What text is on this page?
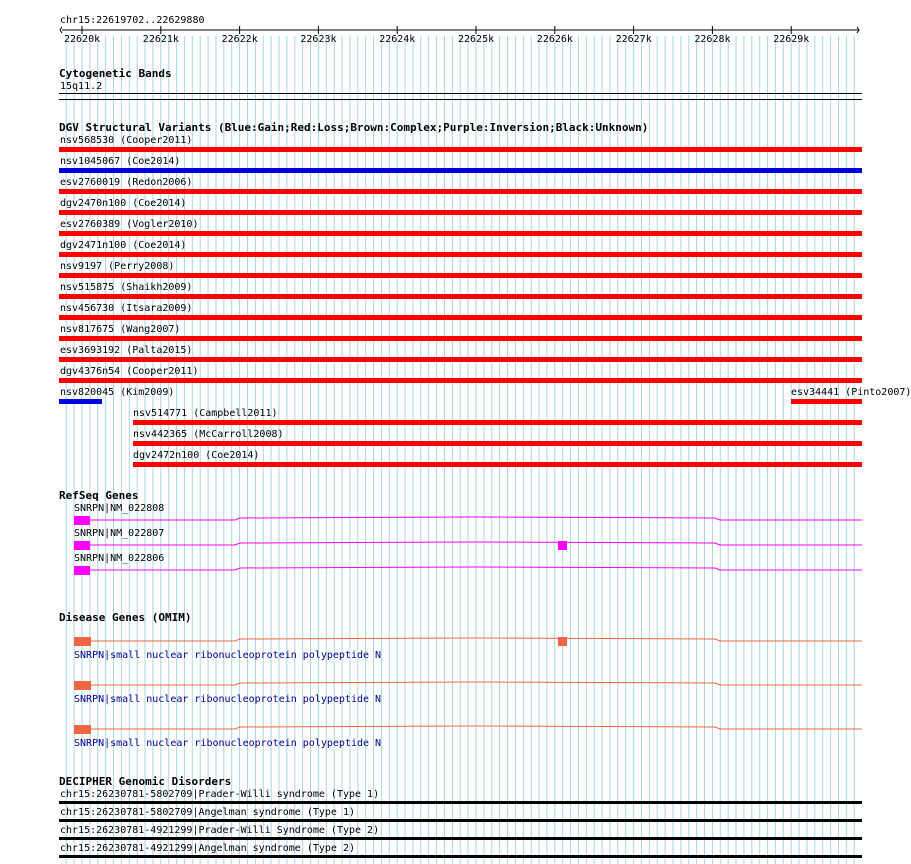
chr15:22619702..22629880
22620k	22621k	22622k	22623k	22624k	22625k	22626k	22627k	22628k	22629k
Cytogenetic Bands
15q11.2
DGV Structural Variants (Blue:Gain;Red:Loss;Brown:Complex;Purple:Inversion;Black:Unknown)
nsv568530 (Cooper2011)
nsv1045067 (Coe2014)
esv2760019 (Redon2006)
dgv2470n100 (Coe2014)
esv2760389 (Vogler2010)
dgv2471n100 (Coe2014)
nsv9197 (Perry2008)
nsv515875 (Shaikh2009)
nsv456730 (Itsara2009)
nsv817675 (Wang2007)
esv3693192 (Palta2015)
dgv4376n54 (Cooper2011)
nsv820045 (Kim2009)	esv34441 (Pinto2007)
nsv514771 (Campbell2011)
nsv442365 (McCarroll2008)
dgv2472n100 (Coe2014)
RefSeq Genes
SNRPN|NM_022808
SNRPN|NM_022807
SNRPN|NM_022806
Disease Genes (OMIM)
SNRPN|small nuclear ribonucleoprotein polypeptide N
SNRPN|small nuclear ribonucleoprotein polypeptide N
SNRPN|small nuclear ribonucleoprotein polypeptide N
DECIPHER Genomic Disorders
chr15:26230781-5802709|Prader-Willi syndrome (Type 1)
chr15:26230781-5802709|Angelman syndrome (Type 1)
chr15:26230781-4921299|Prader-Willi Syndrome (Type 2)
chr15:26230781-4921299|Angelman syndrome (Type 2)
